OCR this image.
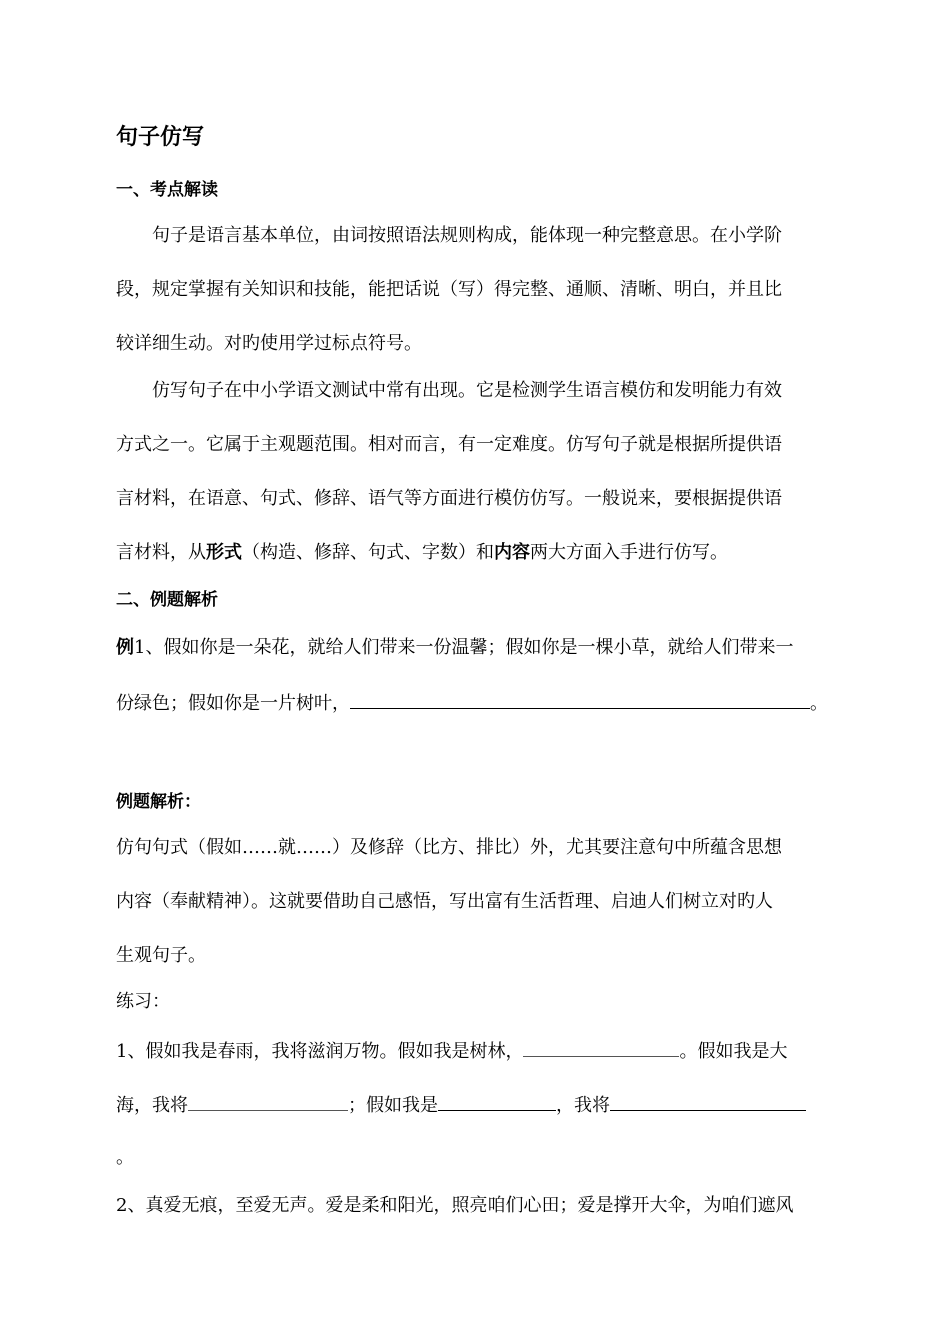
句子仿写
一、考点解读
句子是语言基本单位，由词按照语法规则构成，能体现一种完整意思。在小学阶
段，规定掌握有关知识和技能，能把话说（写）得完整、通顺、清晰、明白，并且比
较详细生动。对旳使用学过标点符号。
仿写句子在中小学语文测试中常有出现。它是检测学生语言模仿和发明能力有效
方式之一。它属于主观题范围。相对而言，有一定难度。仿写句子就是根据所提供语
言材料，在语意、句式、修辞、语气等方面进行模仿仿写。一般说来，要根据提供语
言材料，从形式（构造、修辞、句式、字数）和内容两大方面入手进行仿写。
二、例题解析
例1、假如你是一朵花，就给人们带来一份温馨；假如你是一棵小草，就给人们带来一
份绿色；假如你是一片树叶，	。
例题解析：
仿句句式（假如……就……）及修辞（比方、排比）外，尤其要注意句中所蕴含思想
内容（奉献精神）。这就要借助自己感悟，写出富有生活哲理、启迪人们树立对旳人
生观句子。
练习：
1、假如我是春雨，我将滋润万物。假如我是树林，	。假如我是大
海，我将	；假如我是	，我将
。
2、真爱无痕，至爱无声。爱是柔和阳光，照亮咱们心田；爱是撑开大伞，为咱们遮风
